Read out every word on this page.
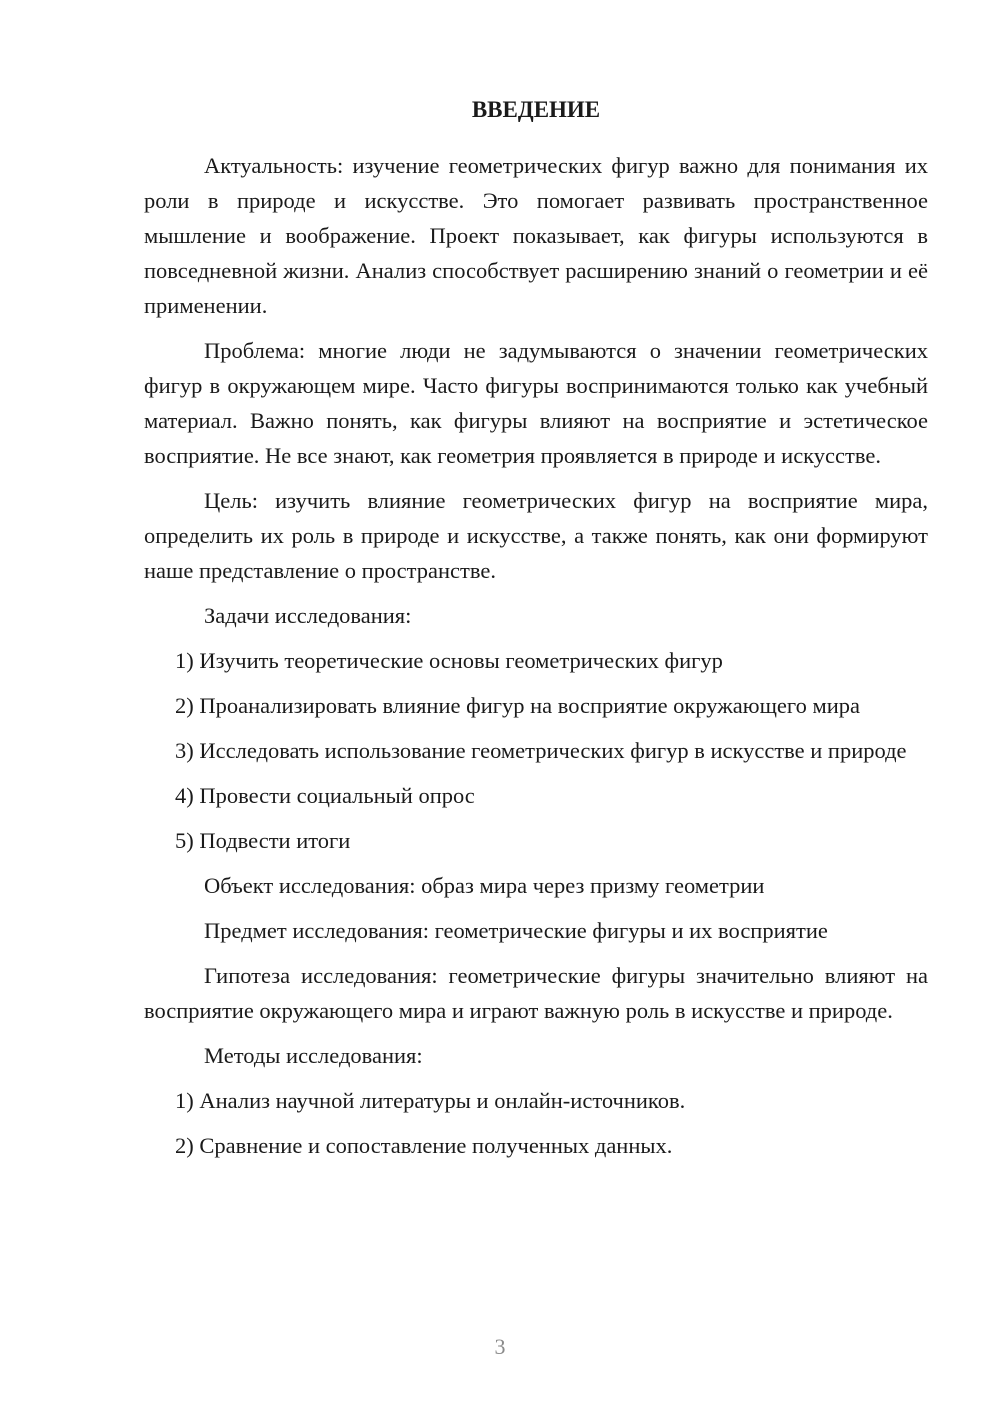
ВВЕДЕНИЕ

Актуальность: изучение геометрических фигур важно для понимания их роли в природе и искусстве. Это помогает развивать пространственное мышление и воображение. Проект показывает, как фигуры используются в повседневной жизни. Анализ способствует расширению знаний о геометрии и её применении.

Проблема: многие люди не задумываются о значении геометрических фигур в окружающем мире. Часто фигуры воспринимаются только как учебный материал. Важно понять, как фигуры влияют на восприятие и эстетическое восприятие. Не все знают, как геометрия проявляется в природе и искусстве.

Цель: изучить влияние геометрических фигур на восприятие мира, определить их роль в природе и искусстве, а также понять, как они формируют наше представление о пространстве.

Задачи исследования:

1) Изучить теоретические основы геометрических фигур

2) Проанализировать влияние фигур на восприятие окружающего мира

3) Исследовать использование геометрических фигур в искусстве и природе

4) Провести социальный опрос

5) Подвести итоги

Объект исследования: образ мира через призму геометрии

Предмет исследования: геометрические фигуры и их восприятие

Гипотеза исследования: геометрические фигуры значительно влияют на восприятие окружающего мира и играют важную роль в искусстве и природе.

Методы исследования:

1) Анализ научной литературы и онлайн-источников.

2) Сравнение и сопоставление полученных данных.

3
